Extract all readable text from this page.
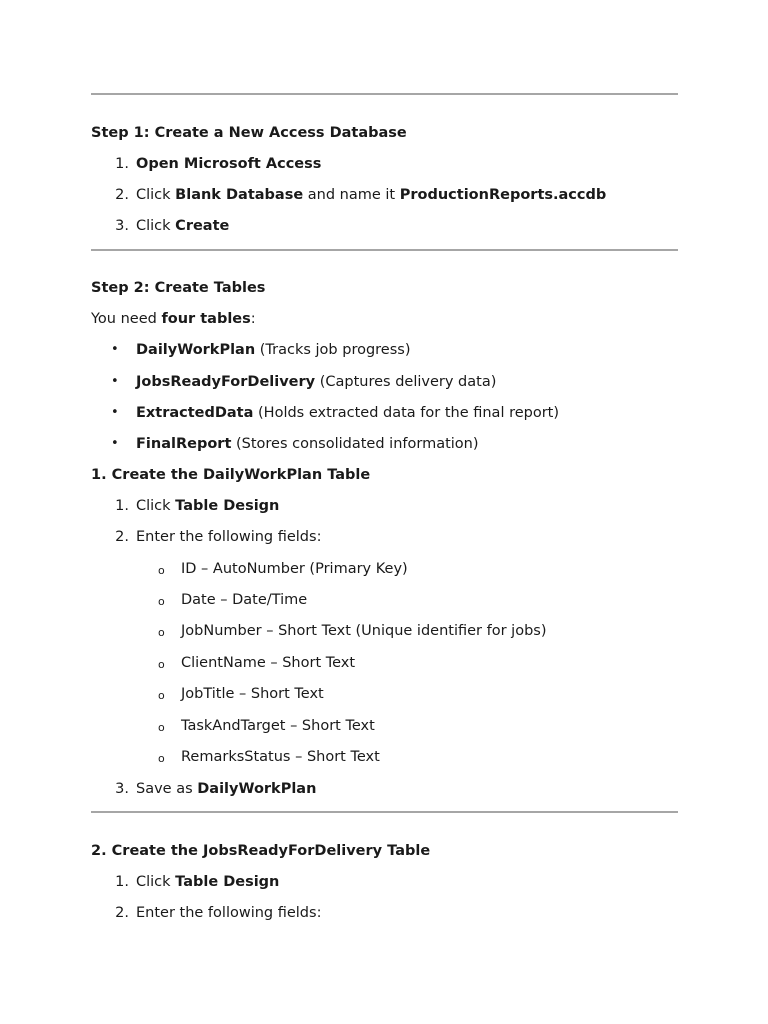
Step 1: Create a New Access Database
1. Open Microsoft Access
2. Click Blank Database and name it ProductionReports.accdb
3. Click Create
Step 2: Create Tables
You need four tables:
• DailyWorkPlan (Tracks job progress)
• JobsReadyForDelivery (Captures delivery data)
• ExtractedData (Holds extracted data for the final report)
• FinalReport (Stores consolidated information)
1. Create the DailyWorkPlan Table
1. Click Table Design
2. Enter the following fields:
o ID – AutoNumber (Primary Key)
o Date – Date/Time
o JobNumber – Short Text (Unique identifier for jobs)
o ClientName – Short Text
o JobTitle – Short Text
o TaskAndTarget – Short Text
o RemarksStatus – Short Text
3. Save as DailyWorkPlan
2. Create the JobsReadyForDelivery Table
1. Click Table Design
2. Enter the following fields:
